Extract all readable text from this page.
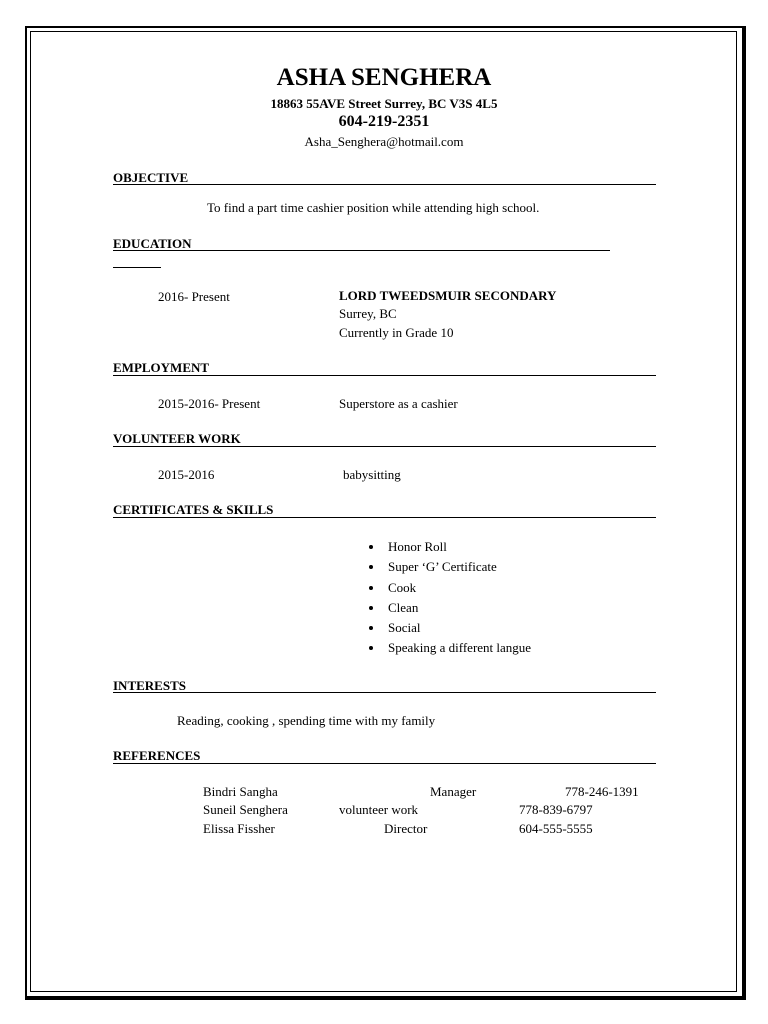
ASHA SENGHERA
18863 55AVE Street Surrey, BC V3S 4L5
604-219-2351
Asha_Senghera@hotmail.com
OBJECTIVE
To find a part time cashier position while attending high school.
EDUCATION
2016- Present	LORD TWEEDSMUIR SECONDARY
Surrey, BC
Currently in Grade 10
EMPLOYMENT
2015-2016- Present	Superstore as a cashier
VOLUNTEER WORK
2015-2016	babysitting
CERTIFICATES & SKILLS
• Honor Roll
• Super ‘G’ Certificate
• Cook
• Clean
• Social
• Speaking a different langue
INTERESTS
Reading, cooking , spending time with my family
REFERENCES
Bindri Sangha	Manager	778-246-1391
Suneil Senghera	volunteer work	778-839-6797
Elissa Fissher	Director	604-555-5555
